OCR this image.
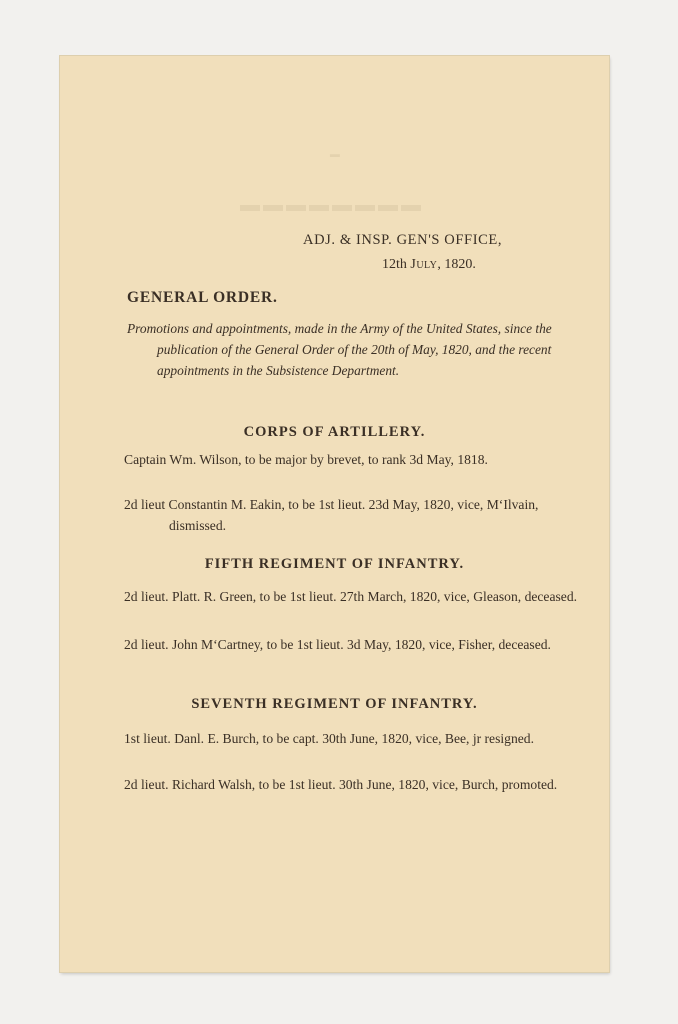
━
▬▬▬▬▬▬▬▬
ADJ. & INSP. GEN'S OFFICE,
12th July, 1820.
GENERAL ORDER.
Promotions and appointments, made in the Army of the United States, since the publication of the General Order of the 20th of May, 1820, and the recent appointments in the Subsistence Department.
CORPS OF ARTILLERY.
Captain Wm. Wilson, to be major by brevet, to rank 3d May, 1818.
2d lieut Constantin M. Eakin, to be 1st lieut. 23d May, 1820, vice, M‘Ilvain, dismissed.
FIFTH REGIMENT OF INFANTRY.
2d lieut. Platt. R. Green, to be 1st lieut. 27th March, 1820, vice, Gleason, deceased.
2d lieut. John M‘Cartney, to be 1st lieut. 3d May, 1820, vice, Fisher, deceased.
SEVENTH REGIMENT OF INFANTRY.
1st lieut. Danl. E. Burch, to be capt. 30th June, 1820, vice, Bee, jr resigned.
2d lieut. Richard Walsh, to be 1st lieut. 30th June, 1820, vice, Burch, promoted.
